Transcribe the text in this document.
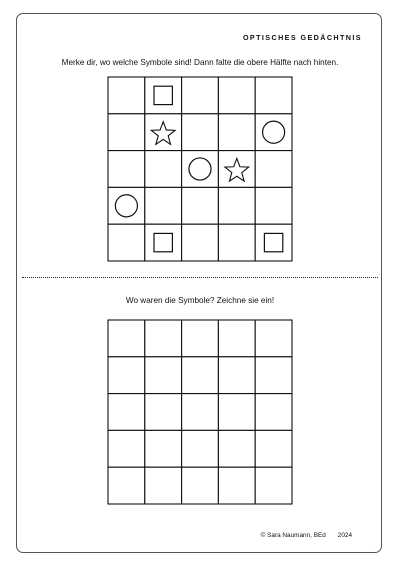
OPTISCHES GEDÄCHTNIS
Merke dir, wo welche Symbole sind! Dann falte die obere Hälfte nach hinten.
Wo waren die Symbole? Zeichne sie ein!
© Sara Naumann, BEd 2024
